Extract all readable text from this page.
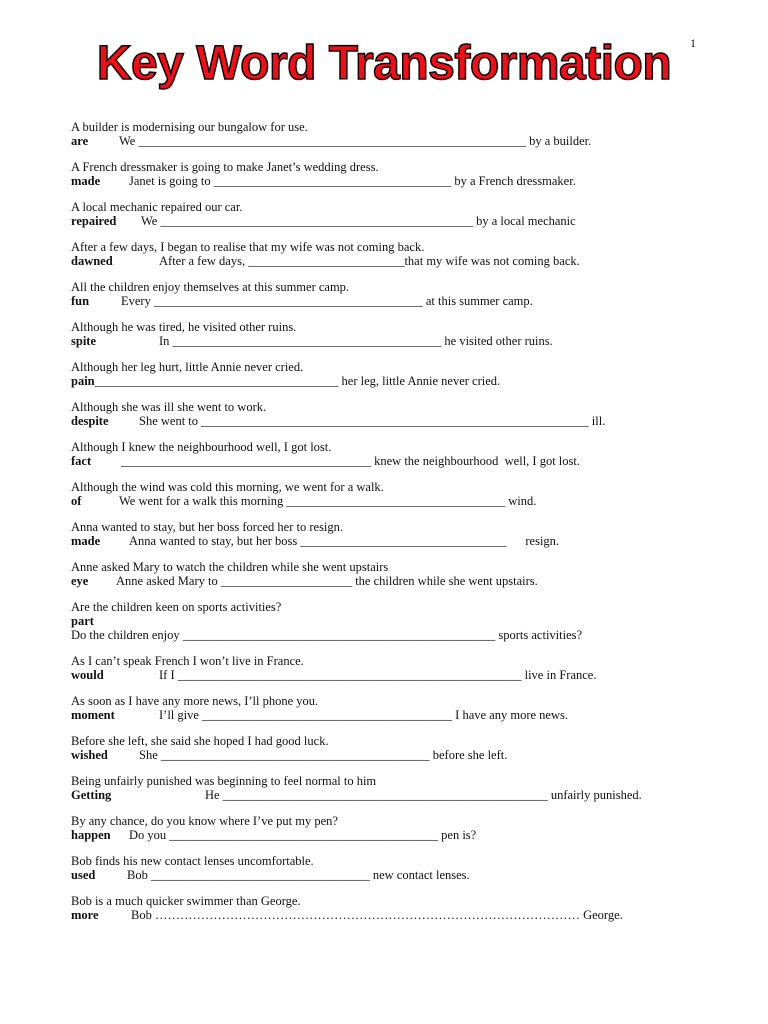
1
Key Word Transformation
A builder is modernising our bungalow for use.
are We ______________________________________________________________ by a builder.
A French dressmaker is going to make Janet’s wedding dress.
made Janet is going to ______________________________________ by a French dressmaker.
A local mechanic repaired our car.
repaired We __________________________________________________ by a local mechanic
After a few days, I began to realise that my wife was not coming back.
dawned	After a few days, _________________________that my wife was not coming back.
All the children enjoy themselves at this summer camp.
fun	Every ___________________________________________ at this summer camp.
Although he was tired, he visited other ruins.
spite	In ___________________________________________ he visited other ruins.
Although her leg hurt, little Annie never cried.
pain_______________________________________ her leg, little Annie never cried.
Although she was ill she went to work.
despite She went to ______________________________________________________________ ill.
Although I knew the neighbourhood well, I got lost.
fact ________________________________________ knew the neighbourhood  well, I got lost.
Although the wind was cold this morning, we went for a walk.
of	We went for a walk this morning ___________________________________ wind.
Anna wanted to stay, but her boss forced her to resign.
made Anna wanted to stay, but her boss _________________________________      resign.
Anne asked Mary to watch the children while she went upstairs
eye Anne asked Mary to _____________________ the children while she went upstairs.
Are the children keen on sports activities?
part
Do the children enjoy __________________________________________________ sports activities?
As I can’t speak French I won’t live in France.
would	If I _______________________________________________________ live in France.
As soon as I have any more news, I’ll phone you.
moment	I’ll give ________________________________________ I have any more news.
Before she left, she said she hoped I had good luck.
wished She ___________________________________________ before she left.
Being unfairly punished was beginning to feel normal to him
Getting	He ____________________________________________________ unfairly punished.
By any chance, do you know where I’ve put my pen?
happen Do you ___________________________________________ pen is?
Bob finds his new contact lenses uncomfortable.
used	Bob ___________________________________ new contact lenses.
Bob is a much quicker swimmer than George.
more	Bob ………………………………………………………………………………………… George.
